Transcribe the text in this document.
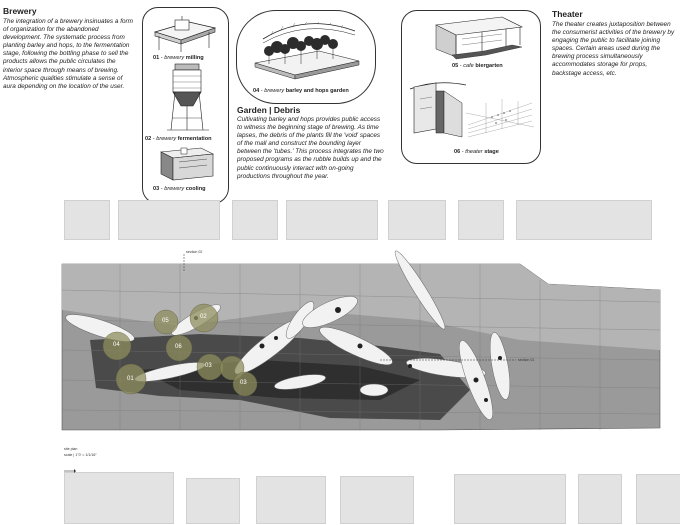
Brewery
The integration of a brewery insinuates a form of organization for the abandoned development. The systematic process from planting barley and hops, to the fermentation stage, following the bottling phase to sell the products allows the public circulates the interior space through means of brewing. Atmospheric qualities stimulate a sense of aura depending on the location of the user.
01 - brewery milling
02 - brewery fermentation
03 - brewery cooling
04 - brewery barley and hops garden
Garden | Debris
Cultivating barley and hops provides public access to witness the beginning stage of brewing. As time lapses, the debris of the plants fill the 'void' spaces of the mall and construct the bounding layer between the 'tubes.' This process integrates the two proposed programs as the rubble builds up and the public continuously interact with on-going productions throughout the year.
05 - cafe biergarten
06 - theater stage
Theater
The theater creates juxtaposition between the consumerist activities of the brewery by engaging the public to facilitate joining spaces. Certain areas used during the brewing process simultaneously accommodates storage for props, backstage access, etc.
01
02
03
04
05
06
03
section 02
section 01
site plan
scale | 1"0' = 1/1/16"
